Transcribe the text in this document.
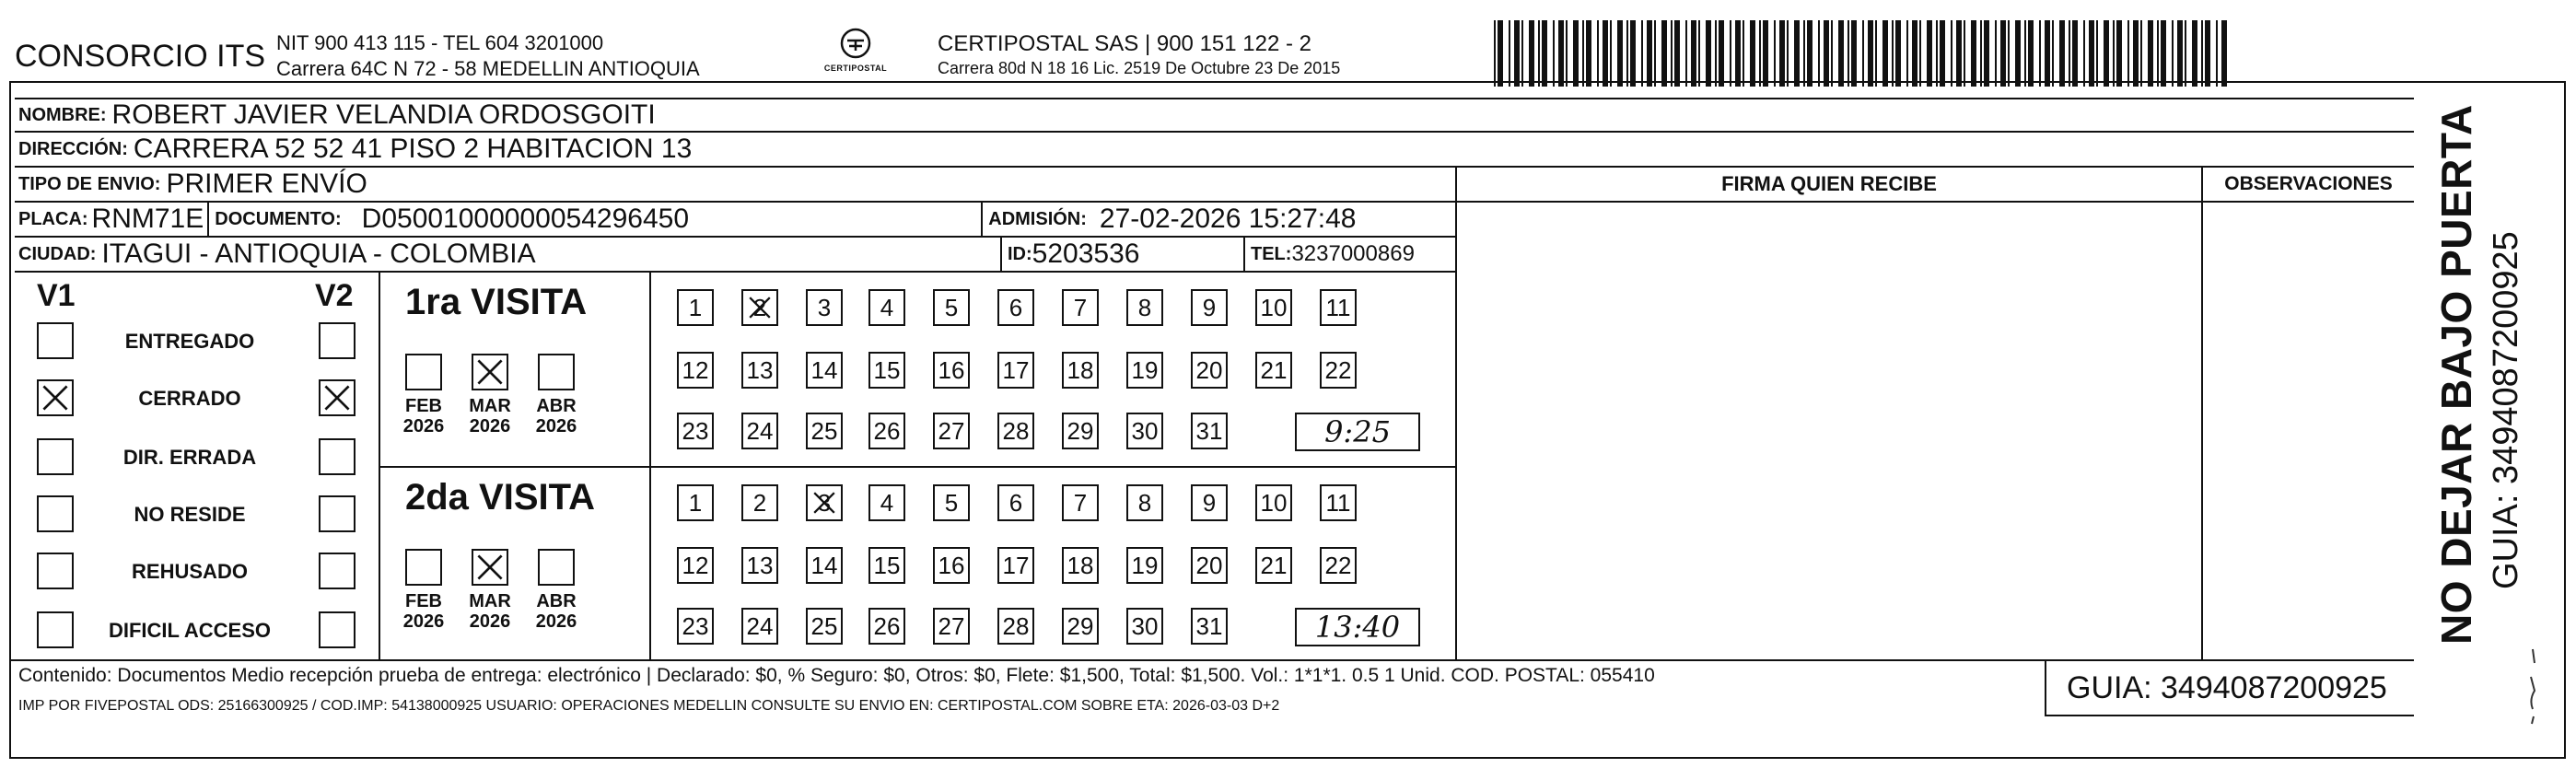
CONSORCIO ITS NIT 900 413 115 - TEL 604 3201000
Carrera 64C N 72 - 58 MEDELLIN ANTIOQUIA	CERTIPOSTAL
CERTIPOSTAL SAS | 900 151 122 - 2
Carrera 80d N 18 16 Lic. 2519 De Octubre 23 De 2015
NOMBRE: ROBERT JAVIER VELANDIA ORDOSGOITI
DIRECCIÓN: CARRERA 52 52 41 PISO 2 HABITACION 13
TIPO DE ENVIO: PRIMER ENVÍO
PLACA: RNM71E DOCUMENTO: D05001000000054296450	ADMISIÓN: 27-02-2026 15:27:48
CIUDAD: ITAGUI - ANTIOQUIA - COLOMBIA	ID: 5203536	TEL: 3237000869
FIRMA QUIEN RECIBE	OBSERVACIONES
V1	V2
ENTREGADO
CERRADO
DIR. ERRADA
NO RESIDE
REHUSADO
DIFICIL ACCESO
1ra VISITA
FEB
2026
MAR
2026
ABR
2026
1	2	3	4	5	6	7	8	9	10 11
12 13 14 15 16 17 18 19 20 21 22
23 24 25 26 27 28 29 30 31	9:25
2da VISITA
FEB
2026
MAR
2026
ABR
2026
1	2	3	4	5	6	7	8	9	10 11
12 13 14 15 16 17 18 19 20 21 22
23 24 25 26 27 28 29 30 31	13:40
Contenido: Documentos Medio recepción prueba de entrega: electrónico | Declarado: $0, % Seguro: $0, Otros: $0, Flete: $1,500, Total: $1,500. Vol.: 1*1*1. 0.5 1 Unid. COD. POSTAL: 055410
IMP POR FIVEPOSTAL ODS: 25166300925 / COD.IMP: 54138000925 USUARIO: OPERACIONES MEDELLIN CONSULTE SU ENVIO EN: CERTIPOSTAL.COM SOBRE ETA: 2026-03-03 D+2
GUIA: 3494087200925
NO DEJAR BAJO PUERTA GUIA: 3494087200925
